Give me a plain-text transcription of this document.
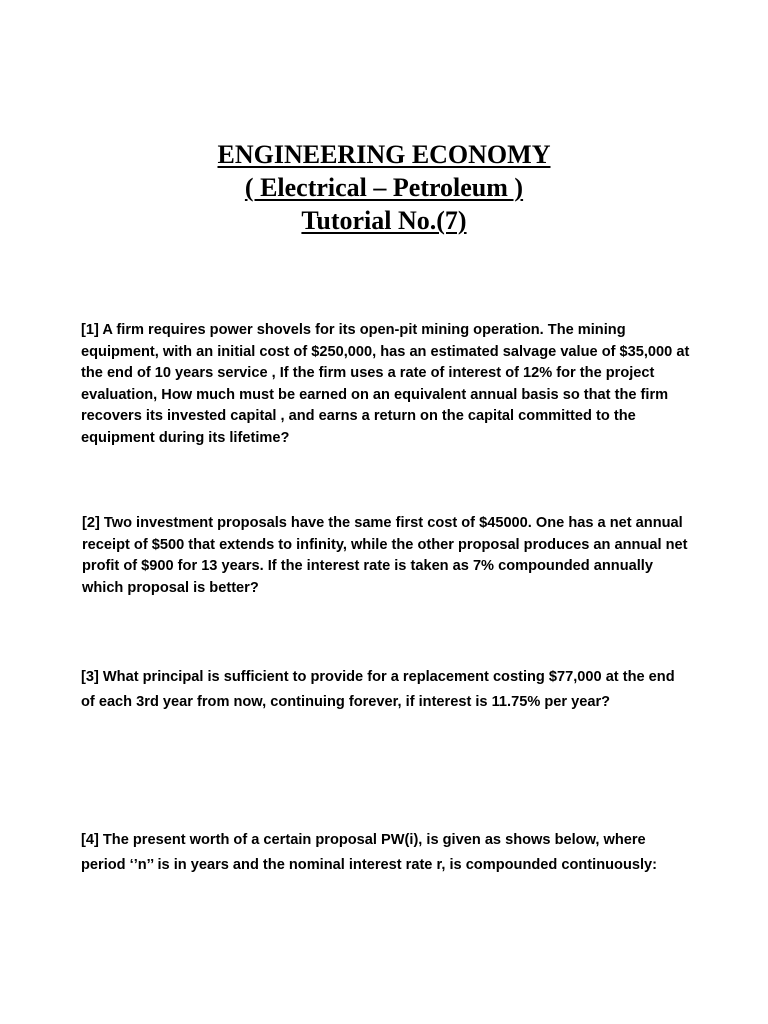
ENGINEERING ECONOMY
( Electrical – Petroleum )
Tutorial No.(7)

[1] A firm requires power shovels for its open-pit mining operation. The mining equipment, with an initial cost of $250,000, has an estimated salvage value of $35,000 at the end of 10 years service , If the firm uses a rate of interest of 12% for the project evaluation, How much must be earned on an equivalent annual basis so that the firm recovers its invested capital , and earns a return on the capital committed to the equipment during its lifetime?

[2] Two investment proposals have the same first cost of $45000. One has a net annual receipt of $500 that extends to infinity, while the other proposal produces an annual net profit of $900 for 13 years. If the interest rate is taken as 7% compounded annually which proposal is better?

[3] What principal is sufficient to provide for a replacement costing $77,000 at the end of each 3rd year from now, continuing forever, if interest is 11.75% per year?

[4] The present worth of a certain proposal PW(i), is given as shows below, where period ‘’n’’ is in years and the nominal interest rate r, is compounded continuously:
